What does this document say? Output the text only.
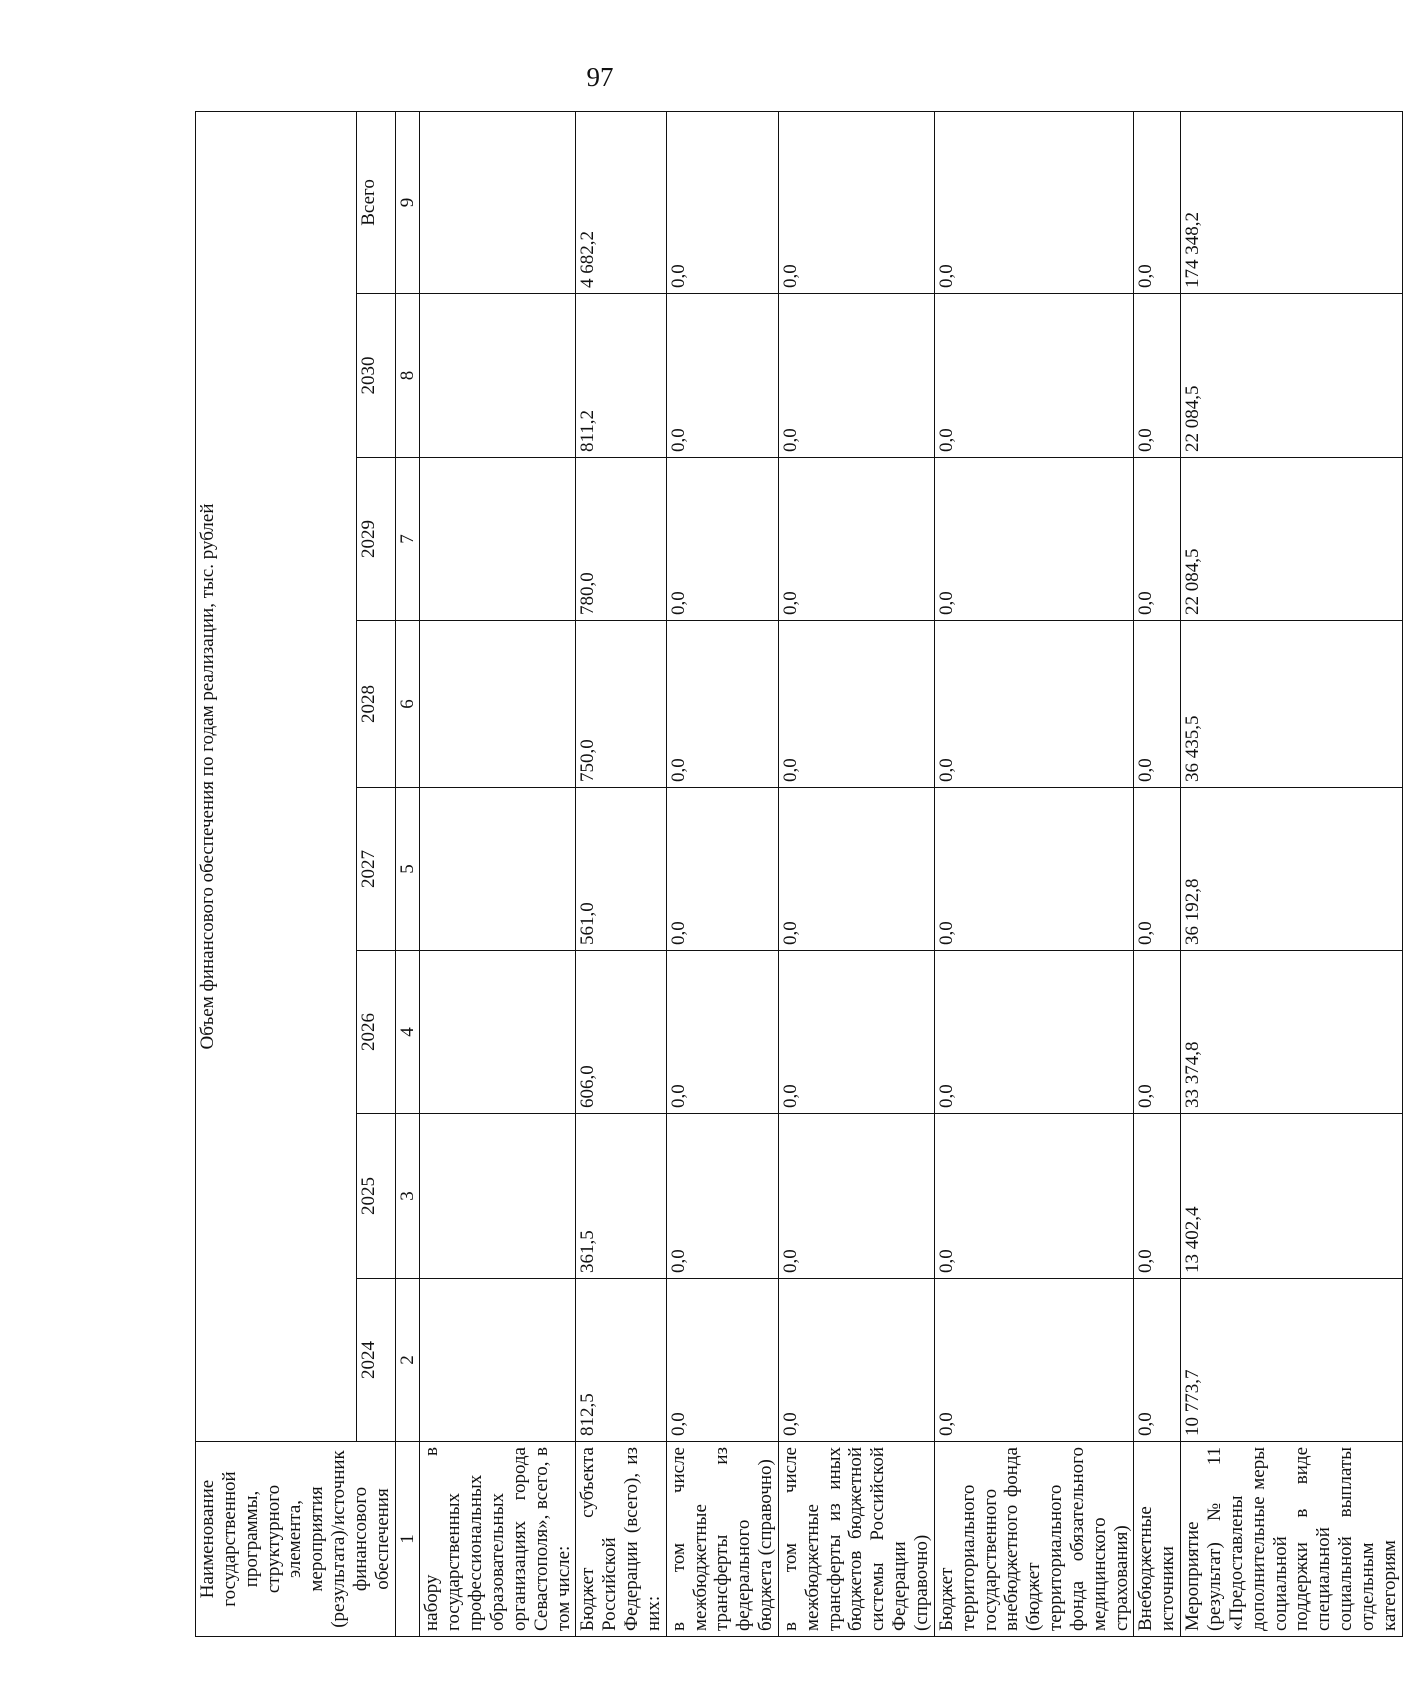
97
Наименование государственной программы, структурного элемента, мероприятия (результата)/источник финансового обеспечения	Объем финансового обеспечения по годам реализации, тыс. рублей							
	2024	2025	2026	2027	2028	2029	2030	Всего
1	2	3	4	5	6	7	8	9
набору в государственных профессиональных образовательных организациях города Севастополя», всего, в том числе:								
Бюджет субъекта Российской Федерации (всего), из них:	812,5	361,5	606,0	561,0	750,0	780,0	811,2	4 682,2
в том числе межбюджетные трансферты из федерального бюджета (справочно)	0,0	0,0	0,0	0,0	0,0	0,0	0,0	0,0
в том числе межбюджетные трансферты из иных бюджетов бюджетной системы Российской Федерации (справочно)	0,0	0,0	0,0	0,0	0,0	0,0	0,0	0,0
Бюджет территориального государственного внебюджетного фонда (бюджет территориального фонда обязательного медицинского страхования)	0,0	0,0	0,0	0,0	0,0	0,0	0,0	0,0
Внебюджетные источники	0,0	0,0	0,0	0,0	0,0	0,0	0,0	0,0
Мероприятие (результат) № 11 «Предоставлены дополнительные меры социальной поддержки в виде специальной социальной выплаты отдельным категориям	10 773,7	13 402,4	33 374,8	36 192,8	36 435,5	22 084,5	22 084,5	174 348,2
